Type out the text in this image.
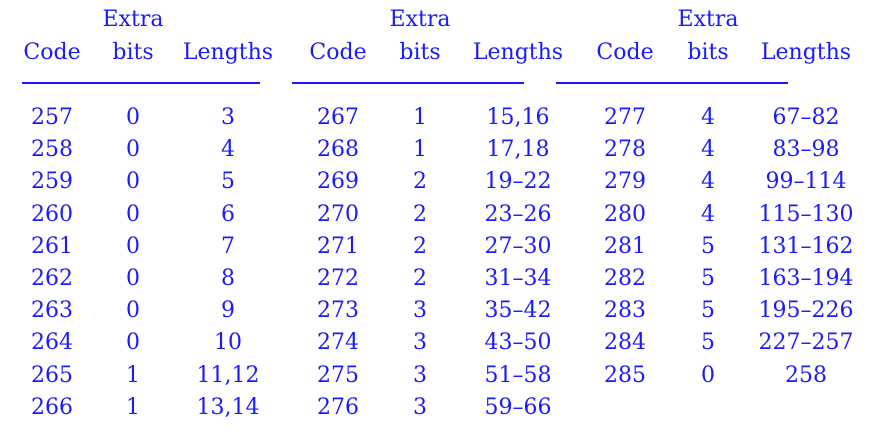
Extra
Code bits Lengths
257 0	3
258 0	4
259 0	5
260 0	6
261 0	7
262 0	8
263 0	9
264 0	10
265 1	11,12
266 1	13,14
Extra
Code bits Lengths
267 1	15,16
268 1	17,18
269 2	19–22
270 2	23–26
271 2	27–30
272 2	31–34
273 3	35–42
274 3	43–50
275 3	51–58
276 3	59–66
Extra
Code bits Lengths
277	4	67–82
278	4	83–98
279	4 99–114
280	4 115–130
281	5 131–162
282	5 163–194
283	5 195–226
284	5 227–257
285	0	258
